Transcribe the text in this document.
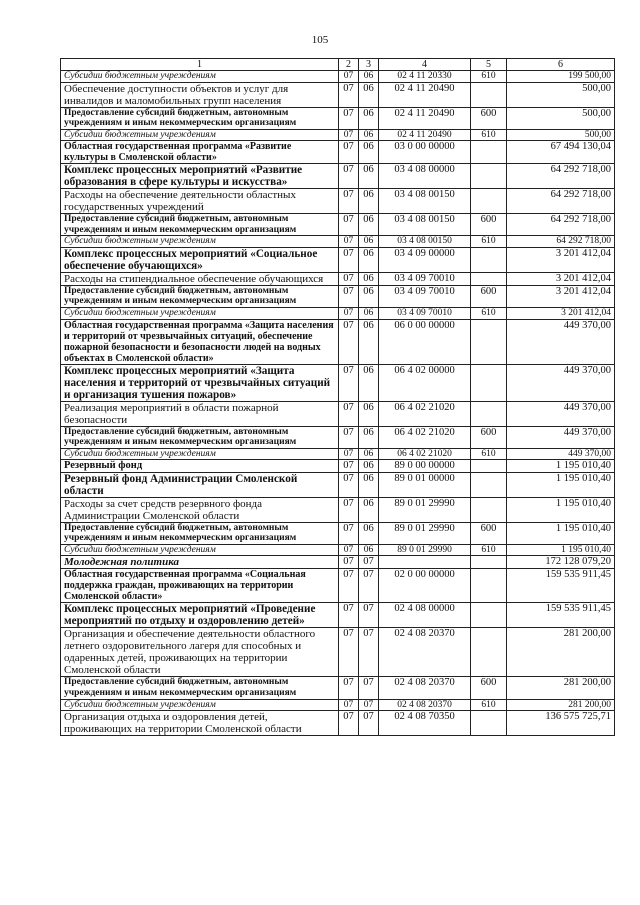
105
1	2	3	4	5	6
Субсидии бюджетным учреждениям	07	06	02 4 11 20330	610	199 500,00
Обеспечение доступности объектов и услуг для инвалидов и маломобильных групп населения	07	06	02 4 11 20490		500,00
Предоставление субсидий бюджетным, автономным учреждениям и иным некоммерческим организациям	07	06	02 4 11 20490	600	500,00
Субсидии бюджетным учреждениям	07	06	02 4 11 20490	610	500,00
Областная государственная программа «Развитие культуры в Смоленской области»	07	06	03 0 00 00000		67 494 130,04
Комплекс процессных мероприятий «Развитие образования в сфере культуры и искусства»	07	06	03 4 08 00000		64 292 718,00
Расходы на обеспечение деятельности областных государственных учреждений	07	06	03 4 08 00150		64 292 718,00
Предоставление субсидий бюджетным, автономным учреждениям и иным некоммерческим организациям	07	06	03 4 08 00150	600	64 292 718,00
Субсидии бюджетным учреждениям	07	06	03 4 08 00150	610	64 292 718,00
Комплекс процессных мероприятий «Социальное обеспечение обучающихся»	07	06	03 4 09 00000		3 201 412,04
Расходы на стипендиальное обеспечение обучающихся	07	06	03 4 09 70010		3 201 412,04
Предоставление субсидий бюджетным, автономным учреждениям и иным некоммерческим организациям	07	06	03 4 09 70010	600	3 201 412,04
Субсидии бюджетным учреждениям	07	06	03 4 09 70010	610	3 201 412,04
Областная государственная программа «Защита населения и территорий от чрезвычайных ситуаций, обеспечение пожарной безопасности и безопасности людей на водных объектах в Смоленской области»	07	06	06 0 00 00000		449 370,00
Комплекс процессных мероприятий «Защита населения и территорий от чрезвычайных ситуаций и организация тушения пожаров»	07	06	06 4 02 00000		449 370,00
Реализация мероприятий в области пожарной безопасности	07	06	06 4 02 21020		449 370,00
Предоставление субсидий бюджетным, автономным учреждениям и иным некоммерческим организациям	07	06	06 4 02 21020	600	449 370,00
Субсидии бюджетным учреждениям	07	06	06 4 02 21020	610	449 370,00
Резервный фонд	07	06	89 0 00 00000		1 195 010,40
Резервный фонд Администрации Смоленской области	07	06	89 0 01 00000		1 195 010,40
Расходы за счет средств резервного фонда Администрации Смоленской области	07	06	89 0 01 29990		1 195 010,40
Предоставление субсидий бюджетным, автономным учреждениям и иным некоммерческим организациям	07	06	89 0 01 29990	600	1 195 010,40
Субсидии бюджетным учреждениям	07	06	89 0 01 29990	610	1 195 010,40
Молодежная политика	07	07			172 128 079,20
Областная государственная программа «Социальная поддержка граждан, проживающих на территории Смоленской области»	07	07	02 0 00 00000		159 535 911,45
Комплекс процессных мероприятий «Проведение мероприятий по отдыху и оздоровлению детей»	07	07	02 4 08 00000		159 535 911,45
Организация и обеспечение деятельности областного летнего оздоровительного лагеря для способных и одаренных детей, проживающих на территории Смоленской области	07	07	02 4 08 20370		281 200,00
Предоставление субсидий бюджетным, автономным учреждениям и иным некоммерческим организациям	07	07	02 4 08 20370	600	281 200,00
Субсидии бюджетным учреждениям	07	07	02 4 08 20370	610	281 200,00
Организация отдыха и оздоровления детей, проживающих на территории Смоленской области	07	07	02 4 08 70350		136 575 725,71
